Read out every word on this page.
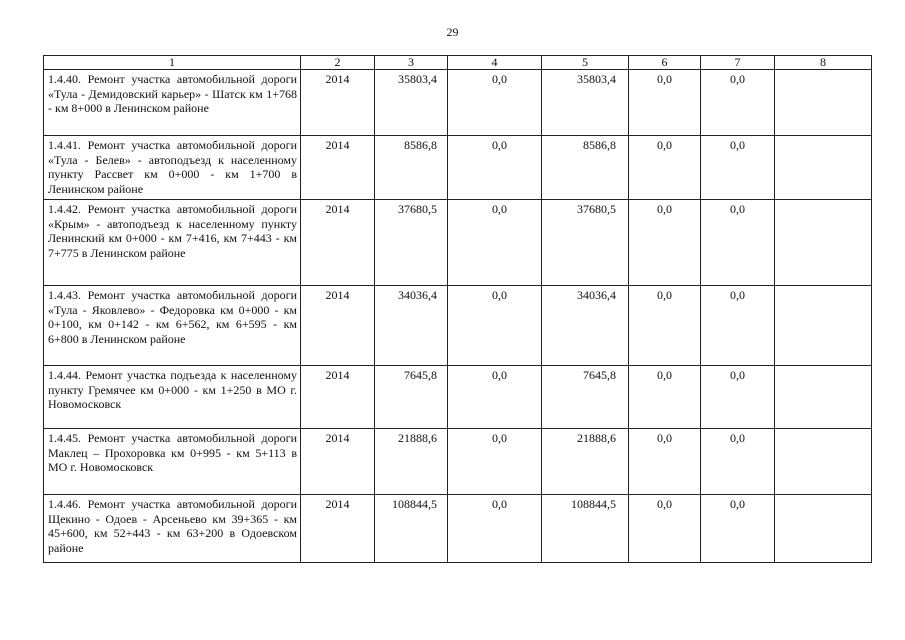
29
1	2	3	4	5	6	7	8
1.4.40. Ремонт участка автомобильной дороги «Тула - Демидовский карьер» - Шатск км 1+768 - км 8+000 в Ленинском районе	2014	35803,4	0,0	35803,4	0,0	0,0	
1.4.41. Ремонт участка автомобильной дороги «Тула - Белев» - автоподъезд к населенному пункту Рассвет км 0+000 - км 1+700 в Ленинском районе	2014	8586,8	0,0	8586,8	0,0	0,0	
1.4.42. Ремонт участка автомобильной дороги «Крым» - автоподъезд к населенному пункту Ленинский км 0+000 - км 7+416, км 7+443 - км 7+775 в Ленинском районе	2014	37680,5	0,0	37680,5	0,0	0,0	
1.4.43. Ремонт участка автомобильной дороги «Тула - Яковлево» - Федоровка км 0+000 - км 0+100, км 0+142 - км 6+562, км 6+595 - км 6+800 в Ленинском районе	2014	34036,4	0,0	34036,4	0,0	0,0	
1.4.44. Ремонт участка подъезда к населенному пункту Гремячее км 0+000 - км 1+250 в МО г. Новомосковск	2014	7645,8	0,0	7645,8	0,0	0,0	
1.4.45. Ремонт участка автомобильной дороги Маклец – Прохоровка км 0+995 - км 5+113 в МО г. Новомосковск	2014	21888,6	0,0	21888,6	0,0	0,0	
1.4.46. Ремонт участка автомобильной дороги Щекино - Одоев - Арсеньево км 39+365 - км 45+600, км 52+443 - км 63+200 в Одоевском районе	2014	108844,5	0,0	108844,5	0,0	0,0	
